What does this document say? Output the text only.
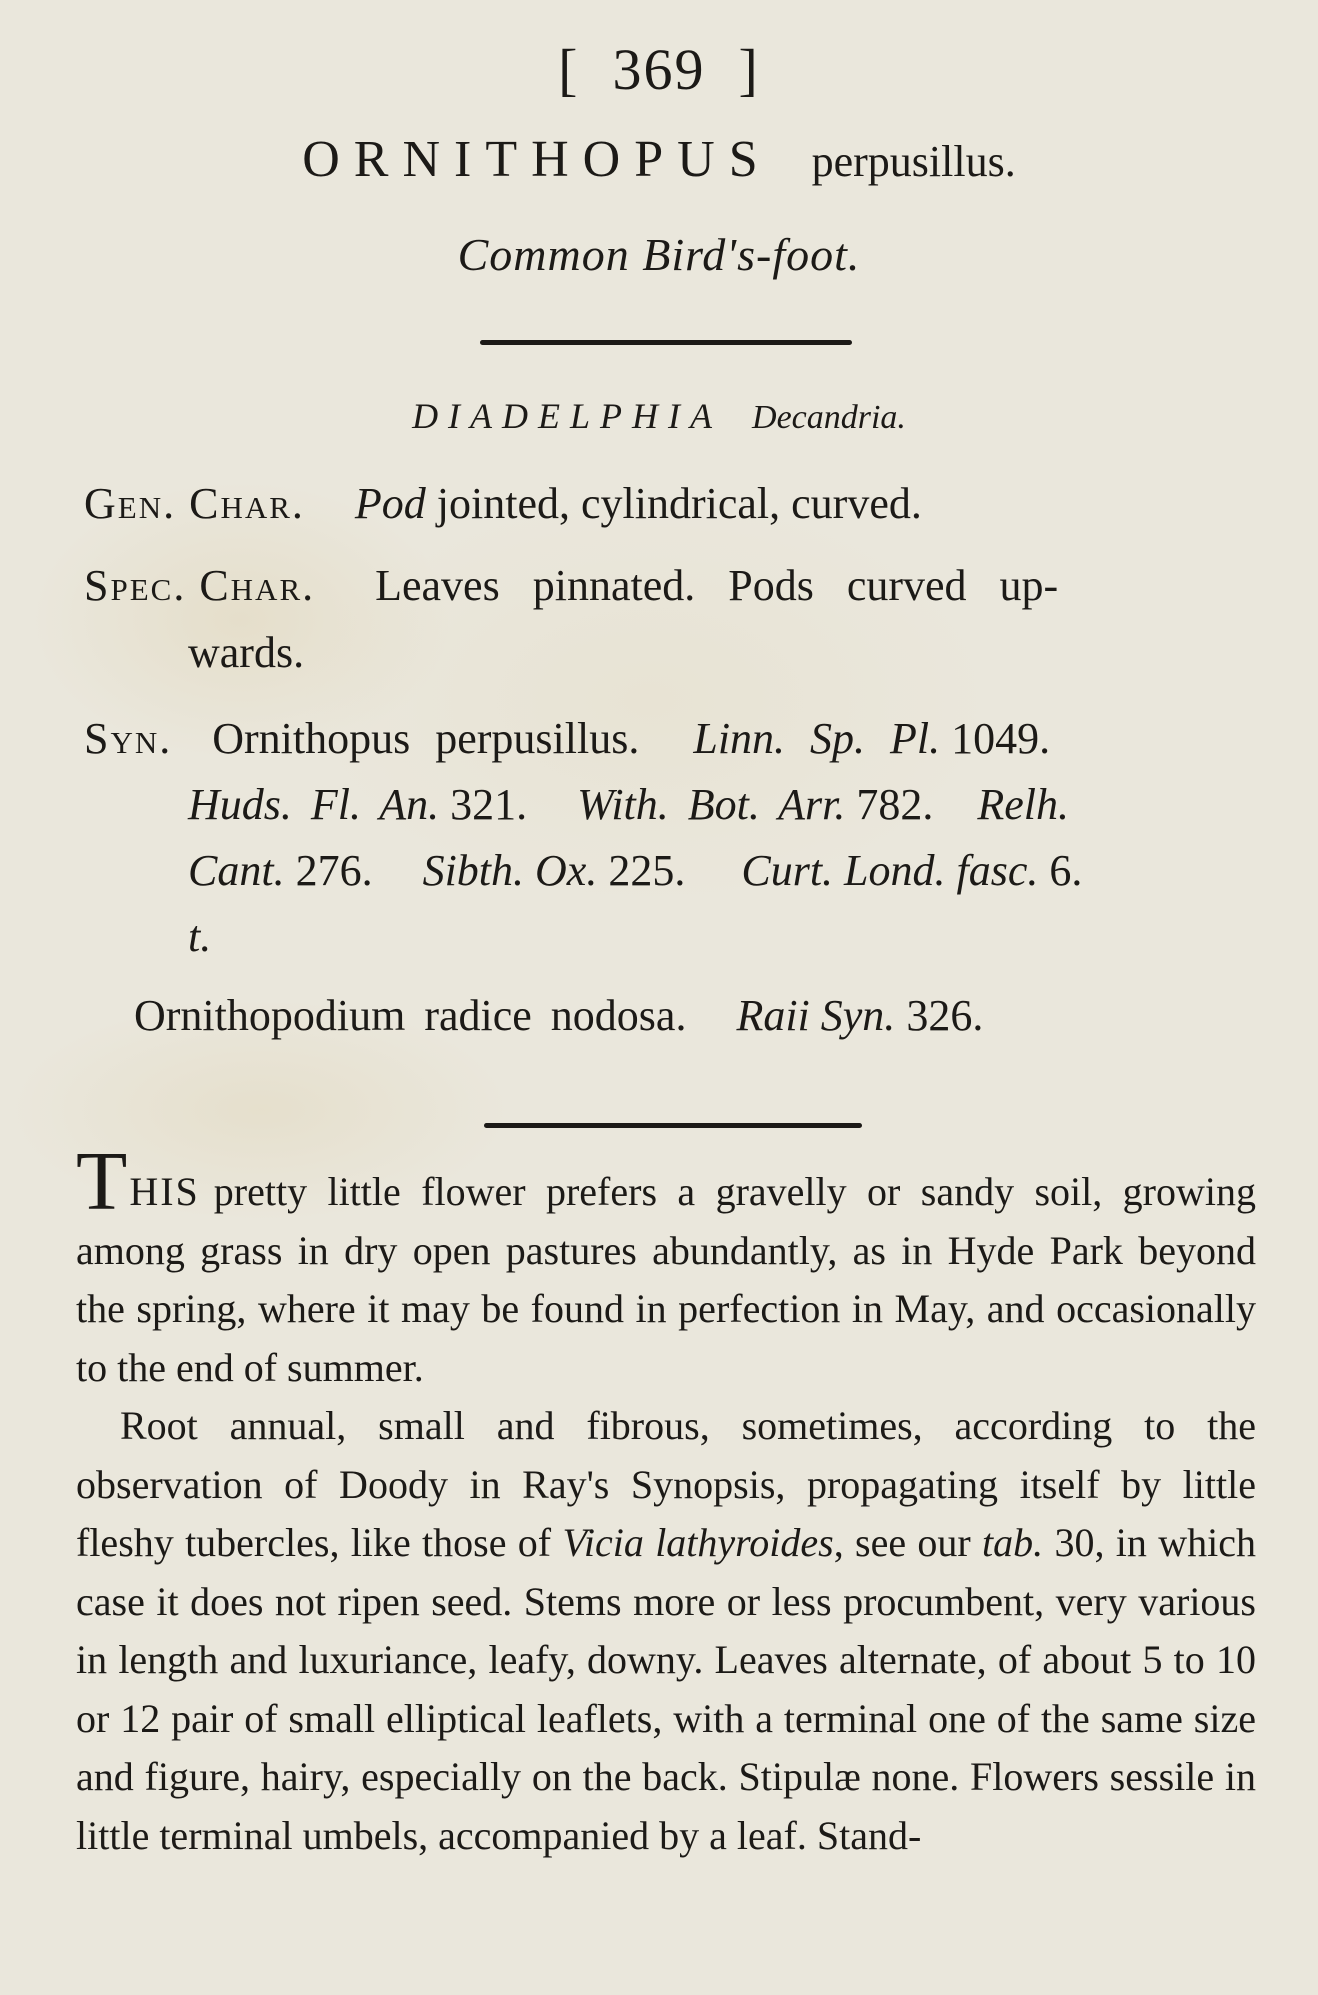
[  369  ]
ORNITHOPUS perpusillus.
Common Bird's-foot.
DIADELPHIA Decandria.
Gen. Char. Pod jointed, cylindrical, curved.
Spec. Char. Leaves pinnated. Pods curved up-
wards.
Syn. Ornithopus perpusillus. Linn. Sp. Pl. 1049.
Huds. Fl. An. 321. With. Bot. Arr. 782. Relh.
Cant. 276. Sibth. Ox. 225. Curt. Lond. fasc. 6.
t.
Ornithopodium radice nodosa. Raii Syn. 326.

THIS pretty little flower prefers a gravelly or sandy soil, growing among grass in dry open pastures abundantly, as in Hyde Park beyond the spring, where it may be found in perfection in May, and occasionally to the end of summer.

Root annual, small and fibrous, sometimes, according to the observation of Doody in Ray's Synopsis, propagating itself by little fleshy tubercles, like those of Vicia lathyroides, see our tab. 30, in which case it does not ripen seed. Stems more or less procumbent, very various in length and luxuriance, leafy, downy. Leaves alternate, of about 5 to 10 or 12 pair of small elliptical leaflets, with a terminal one of the same size and figure, hairy, especially on the back. Stipulæ none. Flowers sessile in little terminal umbels, accompanied by a leaf. Stand-
